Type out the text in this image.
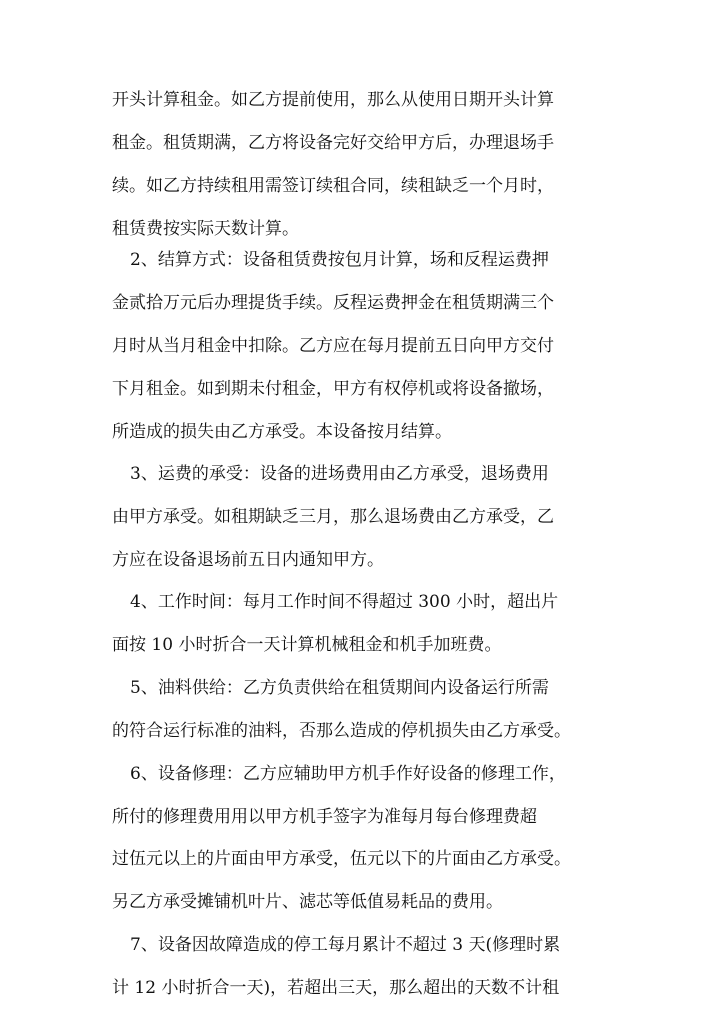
开头计算租金。如乙方提前使用，那么从使用日期开头计算
租金。租赁期满，乙方将设备完好交给甲方后，办理退场手
续。如乙方持续租用需签订续租合同，续租缺乏一个月时，
租赁费按实际天数计算。
2、结算方式：设备租赁费按包月计算，场和反程运费押
金贰拾万元后办理提货手续。反程运费押金在租赁期满三个
月时从当月租金中扣除。乙方应在每月提前五日向甲方交付
下月租金。如到期未付租金，甲方有权停机或将设备撤场，
所造成的损失由乙方承受。本设备按月结算。
3、运费的承受：设备的进场费用由乙方承受，退场费用
由甲方承受。如租期缺乏三月，那么退场费由乙方承受，乙
方应在设备退场前五日内通知甲方。
4、工作时间：每月工作时间不得超过 300 小时，超出片
面按 10 小时折合一天计算机械租金和机手加班费。
5、油料供给：乙方负责供给在租赁期间内设备运行所需
的符合运行标准的油料，否那么造成的停机损失由乙方承受。
6、设备修理：乙方应辅助甲方机手作好设备的修理工作，
所付的修理费用用以甲方机手签字为准每月每台修理费超
过伍元以上的片面由甲方承受，伍元以下的片面由乙方承受。
另乙方承受摊铺机叶片、滤芯等低值易耗品的费用。
7、设备因故障造成的停工每月累计不超过 3 天(修理时累
计 12 小时折合一天)，若超出三天，那么超出的天数不计租
